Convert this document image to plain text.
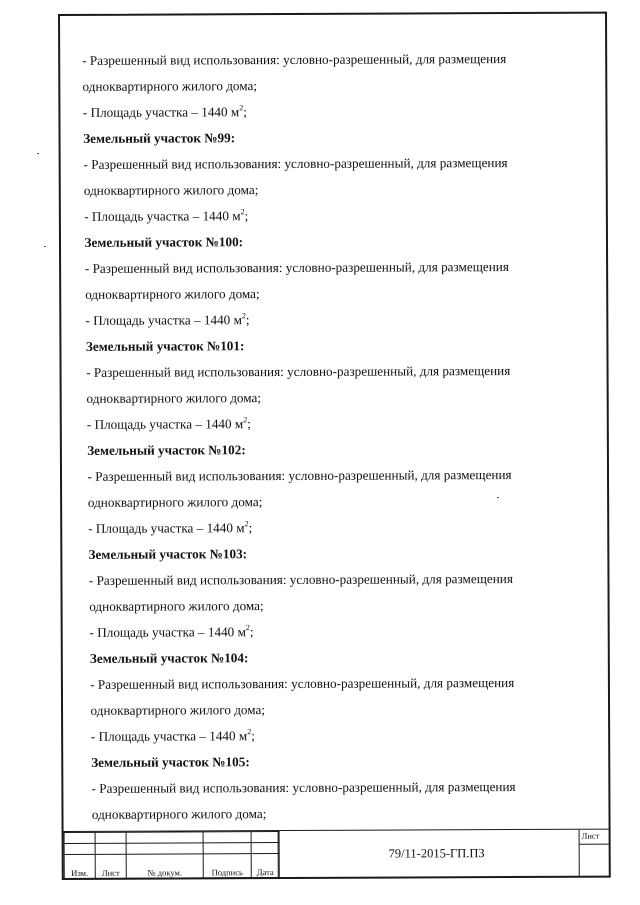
- Разрешенный вид использования: условно-разрешенный, для размещения
одноквартирного жилого дома;
- Площадь участка – 1440 $м^2$;
Земельный участок №99:
- Разрешенный вид использования: условно-разрешенный, для размещения
одноквартирного жилого дома;
- Площадь участка – 1440 $м^2$;
Земельный участок №100:
- Разрешенный вид использования: условно-разрешенный, для размещения
одноквартирного жилого дома;
- Площадь участка – 1440 $м^2$;
Земельный участок №101:
- Разрешенный вид использования: условно-разрешенный, для размещения
одноквартирного жилого дома;
- Площадь участка – 1440 $м^2$;
Земельный участок №102:
- Разрешенный вид использования: условно-разрешенный, для размещения
одноквартирного жилого дома;
- Площадь участка – 1440 $м^2$;
Земельный участок №103:
- Разрешенный вид использования: условно-разрешенный, для размещения
одноквартирного жилого дома;
- Площадь участка – 1440 $м^2$;
Земельный участок №104:
- Разрешенный вид использования: условно-разрешенный, для размещения
одноквартирного жилого дома;
- Площадь участка – 1440 $м^2$;
Земельный участок №105:
- Разрешенный вид использования: условно-разрешенный, для размещения
одноквартирного жилого дома;

Изм.	Лист	№ докум.	Подпись	Дата
79/11-2015-ГП.ПЗ
Лист
